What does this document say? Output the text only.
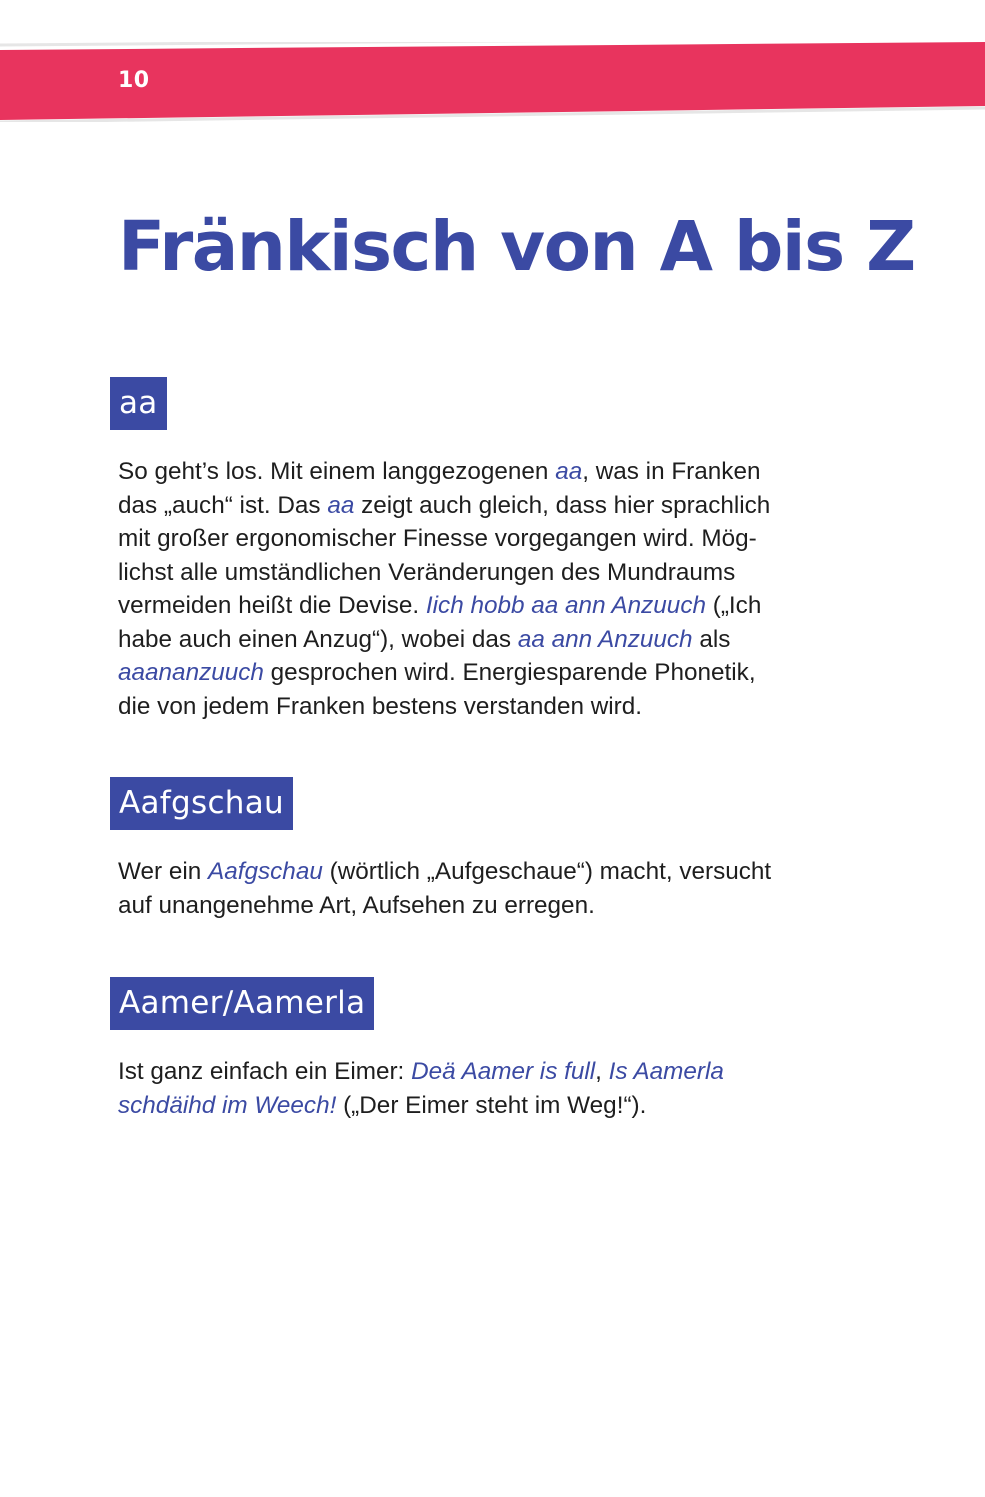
10
Fränkisch von A bis Z
aa

So geht’s los. Mit einem langgezogenen aa, was in Franken
das „auch“ ist. Das aa zeigt auch gleich, dass hier sprachlich
mit großer ergonomischer Finesse vorgegangen wird. Mög-
lichst alle umständlichen Veränderungen des Mundraums
vermeiden heißt die Devise. Iich hobb aa ann Anzuuch („Ich
habe auch einen Anzug“), wobei das aa ann Anzuuch als
aaananzuuch gesprochen wird. Energiesparende Phonetik,
die von jedem Franken bestens verstanden wird.

Aafgschau

Wer ein Aafgschau (wörtlich „Aufgeschaue“) macht, versucht
auf unangenehme Art, Aufsehen zu erregen.

Aamer/Aamerla

Ist ganz einfach ein Eimer: Deä Aamer is full, Is Aamerla
schdäihd im Weech! („Der Eimer steht im Weg!“).
